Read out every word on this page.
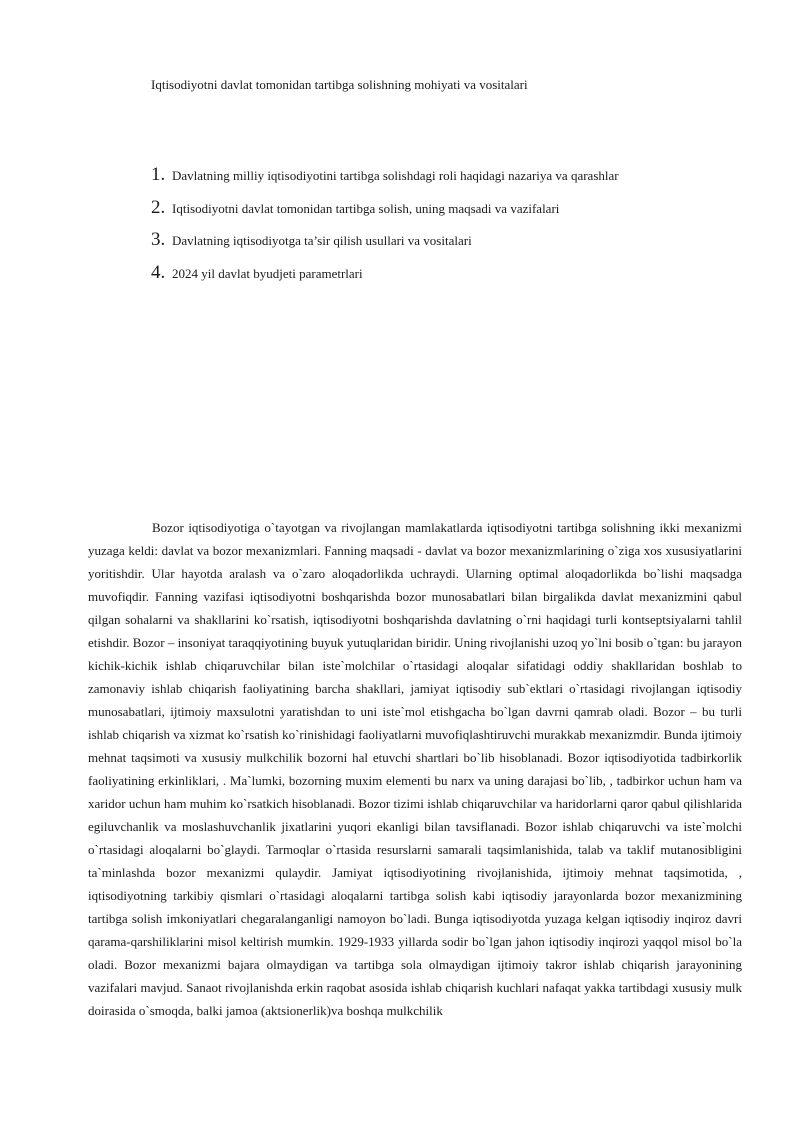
Iqtisodiyotni davlat tomonidan tartibga solishning mohiyati va vositalari
1. Davlatning milliy iqtisodiyotini tartibga solishdagi roli haqidagi nazariya va qarashlar
2. Iqtisodiyotni davlat tomonidan tartibga solish, uning maqsadi va vazifalari
3. Davlatning iqtisodiyotga ta’sir qilish usullari va vositalari
4. 2024 yil davlat byudjeti parametrlari

Bozor iqtisodiyotiga o`tayotgan va rivojlangan mamlakatlarda iqtisodiyotni tartibga solishning ikki mexanizmi yuzaga keldi: davlat va bozor mexanizmlari. Fanning maqsadi - davlat va bozor mexanizmlarining o`ziga xos xususiyatlarini yoritishdir. Ular hayotda aralash va o`zaro aloqadorlikda uchraydi. Ularning optimal aloqadorlikda bo`lishi maqsadga muvofiqdir. Fanning vazifasi iqtisodiyotni boshqarishda bozor munosabatlari bilan birgalikda davlat mexanizmini qabul qilgan sohalarni va shakllarini ko`rsatish, iqtisodiyotni boshqarishda davlatning o`rni haqidagi turli kontseptsiyalarni tahlil etishdir. Bozor – insoniyat taraqqiyotining buyuk yutuqlaridan biridir. Uning rivojlanishi uzoq yo`lni bosib o`tgan: bu jarayon kichik-kichik ishlab chiqaruvchilar bilan iste`molchilar o`rtasidagi aloqalar sifatidagi oddiy shakllaridan boshlab to zamonaviy ishlab chiqarish faoliyatining barcha shakllari, jamiyat iqtisodiy sub`ektlari o`rtasidagi rivojlangan iqtisodiy munosabatlari, ijtimoiy maxsulotni yaratishdan to uni iste`mol etishgacha bo`lgan davrni qamrab oladi. Bozor – bu turli ishlab chiqarish va xizmat ko`rsatish ko`rinishidagi faoliyatlarni muvofiqlashtiruvchi murakkab mexanizmdir. Bunda ijtimoiy mehnat taqsimoti va xususiy mulkchilik bozorni hal etuvchi shartlari bo`lib hisoblanadi. Bozor iqtisodiyotida tadbirkorlik faoliyatining erkinliklari, . Ma`lumki, bozorning muxim elementi bu narx va uning darajasi bo`lib, , tadbirkor uchun ham va xaridor uchun ham muhim ko`rsatkich hisoblanadi. Bozor tizimi ishlab chiqaruvchilar va haridorlarni qaror qabul qilishlarida egiluvchanlik va moslashuvchanlik jixatlarini yuqori ekanligi bilan tavsiflanadi. Bozor ishlab chiqaruvchi va iste`molchi o`rtasidagi aloqalarni bo`glaydi. Tarmoqlar o`rtasida resurslarni samarali taqsimlanishida, talab va taklif mutanosibligini ta`minlashda bozor mexanizmi qulaydir. Jamiyat iqtisodiyotining rivojlanishida, ijtimoiy mehnat taqsimotida, , iqtisodiyotning tarkibiy qismlari o`rtasidagi aloqalarni tartibga solish kabi iqtisodiy jarayonlarda bozor mexanizmining tartibga solish imkoniyatlari chegaralanganligi namoyon bo`ladi. Bunga iqtisodiyotda yuzaga kelgan iqtisodiy inqiroz davri qarama-qarshiliklarini misol keltirish mumkin. 1929-1933 yillarda sodir bo`lgan jahon iqtisodiy inqirozi yaqqol misol bo`la oladi. Bozor mexanizmi bajara olmaydigan va tartibga sola olmaydigan ijtimoiy takror ishlab chiqarish jarayonining vazifalari mavjud. Sanaot rivojlanishda erkin raqobat asosida ishlab chiqarish kuchlari nafaqat yakka tartibdagi xususiy mulk doirasida o`smoqda, balki jamoa (aktsionerlik)va boshqa mulkchilik
